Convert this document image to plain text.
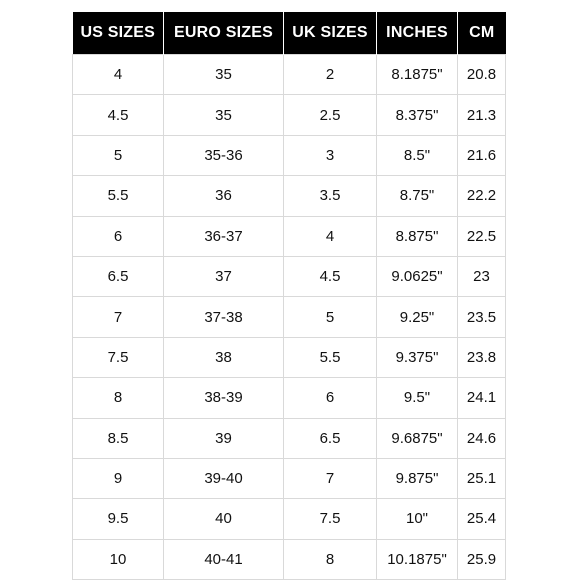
US SIZES	EURO SIZES	UK SIZES	INCHES	CM
4	35	2	8.1875"	20.8
4.5	35	2.5	8.375"	21.3
5	35-36	3	8.5"	21.6
5.5	36	3.5	8.75"	22.2
6	36-37	4	8.875"	22.5
6.5	37	4.5	9.0625"	23
7	37-38	5	9.25"	23.5
7.5	38	5.5	9.375"	23.8
8	38-39	6	9.5"	24.1
8.5	39	6.5	9.6875"	24.6
9	39-40	7	9.875"	25.1
9.5	40	7.5	10"	25.4
10	40-41	8	10.1875"	25.9
